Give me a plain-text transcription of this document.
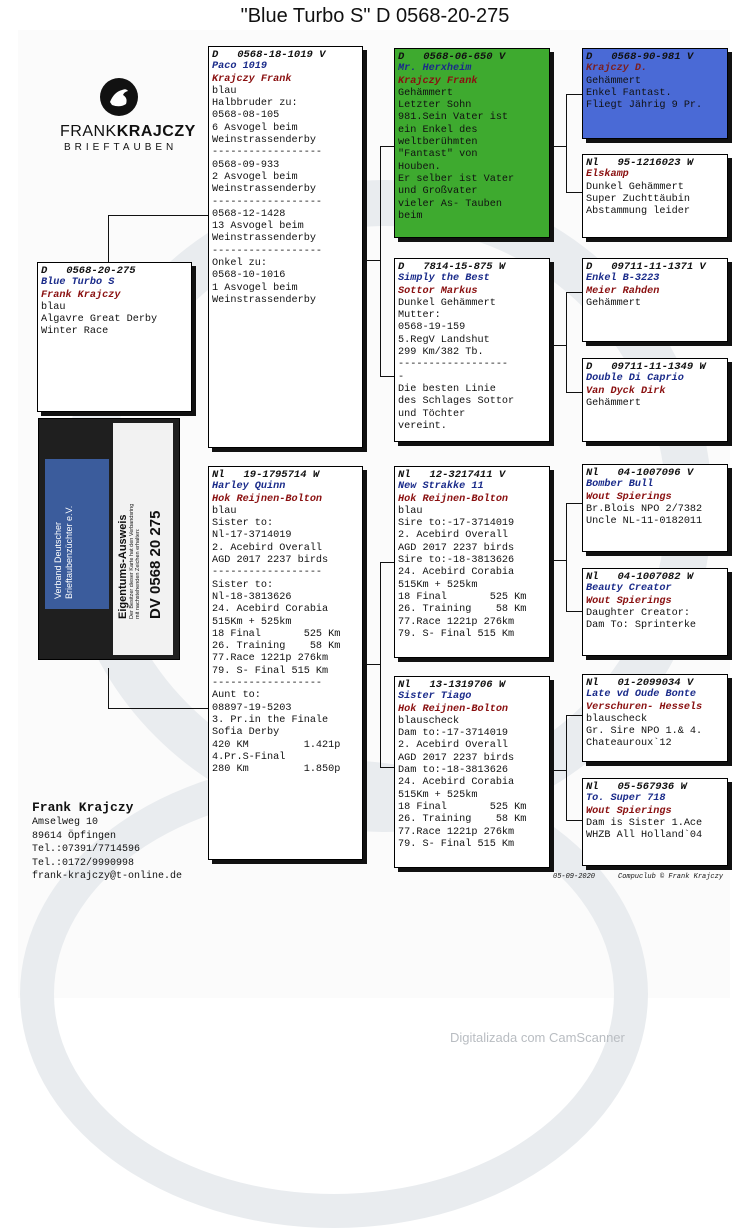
"Blue Turbo S" D 0568-20-275
FRANKKRAJCZY
BRIEFTAUBEN
D   0568-20-275
Blue Turbo S
Frank Krajczy
blau
Algavre Great Derby
Winter Race
D   0568-18-1019 V
Paco 1019
Krajczy Frank
blau
Halbbruder zu:
0568-08-105
6 Asvogel beim
Weinstrassenderby
------------------
0568-09-933
2 Asvogel beim
Weinstrassenderby
------------------
0568-12-1428
13 Asvogel beim
Weinstrassenderby
------------------
Onkel zu:
0568-10-1016
1 Asvogel beim
Weinstrassenderby
Nl   19-1795714 W
Harley Quinn
Hok Reijnen-Bolton
blau
Sister to:
Nl-17-3714019
2. Acebird Overall
AGD 2017 2237 birds
------------------
Sister to:
Nl-18-3813626
24. Acebird Corabia
515Km + 525km
18 Final       525 Km
26. Training    58 Km
77.Race 1221p 276km
79. S- Final 515 Km
------------------
Aunt to:
08897-19-5203
3. Pr.in the Finale
Sofia Derby
420 KM         1.421p
4.Pr.S-Final
280 Km         1.850p
D   0568-06-650 V
Mr. Herxheim
Krajczy Frank
Gehämmert
Letzter Sohn
981.Sein Vater ist
ein Enkel des
weltberühmten
"Fantast" von
Houben.
Er selber ist Vater
und Großvater
vieler As- Tauben
beim
D   7814-15-875 W
Simply the Best
Sottor Markus
Dunkel Gehämmert
Mutter:
0568-19-159
5.RegV Landshut
299 Km/382 Tb.
------------------
-
Die besten Linie
des Schlages Sottor
und Töchter
vereint.
Nl   12-3217411 V
New Strakke 11
Hok Reijnen-Bolton
blau
Sire to:-17-3714019
2. Acebird Overall
AGD 2017 2237 birds
Sire to:-18-3813626
24. Acebird Corabia
515Km + 525km
18 Final       525 Km
26. Training    58 Km
77.Race 1221p 276km
79. S- Final 515 Km
Nl   13-1319706 W
Sister Tiago
Hok Reijnen-Bolton
blauscheck
Dam to:-17-3714019
2. Acebird Overall
AGD 2017 2237 birds
Dam to:-18-3813626
24. Acebird Corabia
515Km + 525km
18 Final       525 Km
26. Training    58 Km
77.Race 1221p 276km
79. S- Final 515 Km
D   0568-90-981 V
Krajczy D.
Gehämmert
Enkel Fantast.
Fliegt Jährig 9 Pr.
Nl   95-1216023 W
Elskamp
Dunkel Gehämmert
Super Zuchttäubin
Abstammung leider
D   09711-11-1371 V
Enkel B-3223
Meier Rahden
Gehämmert
D   09711-11-1349 W
Double Di Caprio
Van Dyck Dirk
Gehämmert
Nl   04-1007096 V
Bomber Bull
Wout Spierings
Br.Blois NPO 2/7382
Uncle NL-11-0182011
Nl   04-1007082 W
Beauty Creator
Wout Spierings
Daughter Creator:
Dam To: Sprinterke
Nl   01-2099034 V
Late vd Oude Bonte
Verschuren- Hessels
blauscheck
Gr. Sire NPO 1.& 4.
Chateauroux`12
Nl   05-567936 W
To. Super 718
Wout Spierings
Dam is Sister 1.Ace
WHZB All Holland`04
Verband Deutscher Brieftaubenzüchter e.V.	Eigentums-Ausweis Der Besitzer dieser Karte hat den Verbandsring mit nachstehenden Zeichen erhalten: DV 0568 20 275
Frank Krajczy
Amselweg 10
89614 Öpfingen
Tel.:07391/7714596
Tel.:0172/9990998
frank-krajczy@t-online.de	05-09-2020	Compuclub © Frank Krajczy
Digitalizada com CamScanner
